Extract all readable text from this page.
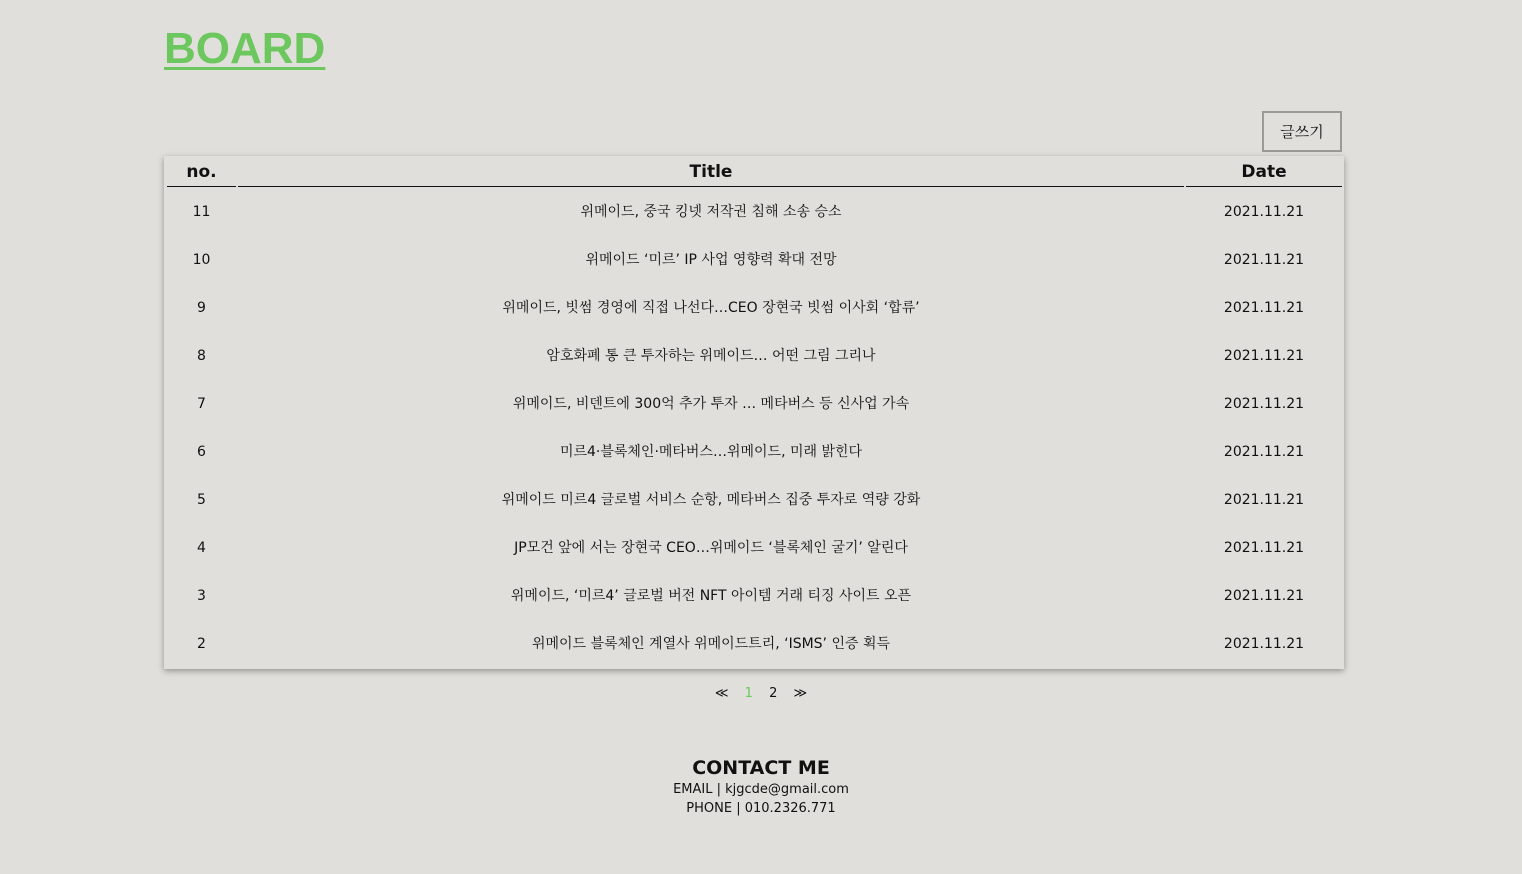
BOARD
글쓰기
no.	Title	Date
11	위메이드, 중국 킹넷 저작권 침해 소송 승소	2021.11.21
10	위메이드 ‘미르’ IP 사업 영향력 확대 전망	2021.11.21
9	위메이드, 빗썸 경영에 직접 나선다…CEO 장현국 빗썸 이사회 ‘합류’	2021.11.21
8	암호화폐 통 큰 투자하는 위메이드… 어떤 그림 그리나	2021.11.21
7	위메이드, 비덴트에 300억 추가 투자 … 메타버스 등 신사업 가속	2021.11.21
6	미르4·블록체인·메타버스…위메이드, 미래 밝힌다	2021.11.21
5	위메이드 미르4 글로벌 서비스 순항, 메타버스 집중 투자로 역량 강화	2021.11.21
4	JP모건 앞에 서는 장현국 CEO…위메이드 ‘블록체인 굴기’ 알린다	2021.11.21
3	위메이드, ‘미르4’ 글로벌 버전 NFT 아이템 거래 티징 사이트 오픈	2021.11.21
2	위메이드 블록체인 계열사 위메이드트리, ‘ISMS’ 인증 획득	2021.11.21
≪ 1 2 ≫
CONTACT ME
EMAIL | kjgcde@gmail.com
PHONE | 010.2326.771
